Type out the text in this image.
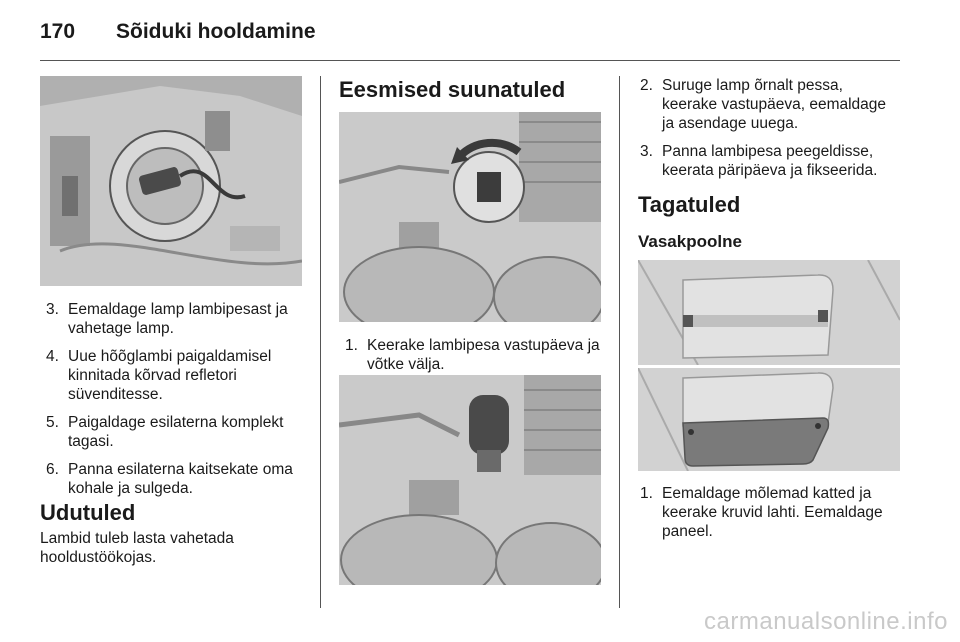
170 Sõiduki hooldamine
3. Eemaldage lamp lambipesast ja vahetage lamp.
4. Uue hõõglambi paigaldamisel kinnitada kõrvad refletori süvenditesse.
5. Paigaldage esilaterna komplekt tagasi.
6. Panna esilaterna kaitsekate oma kohale ja sulgeda.
Udutuled

Lambid tuleb lasta vahetada hooldustöökojas.

Eesmised suunatuled
1. Keerake lambipesa vastupäeva ja võtke välja.
2. Suruge lamp õrnalt pessa, keerake vastupäeva, eemaldage ja asendage uuega.
3. Panna lambipesa peegeldisse, keerata päripäeva ja fikseerida.
Tagatuled
Vasakpoolne
1. Eemaldage mõlemad katted ja keerake kruvid lahti. Eemaldage paneel.
carmanualsonline.info
